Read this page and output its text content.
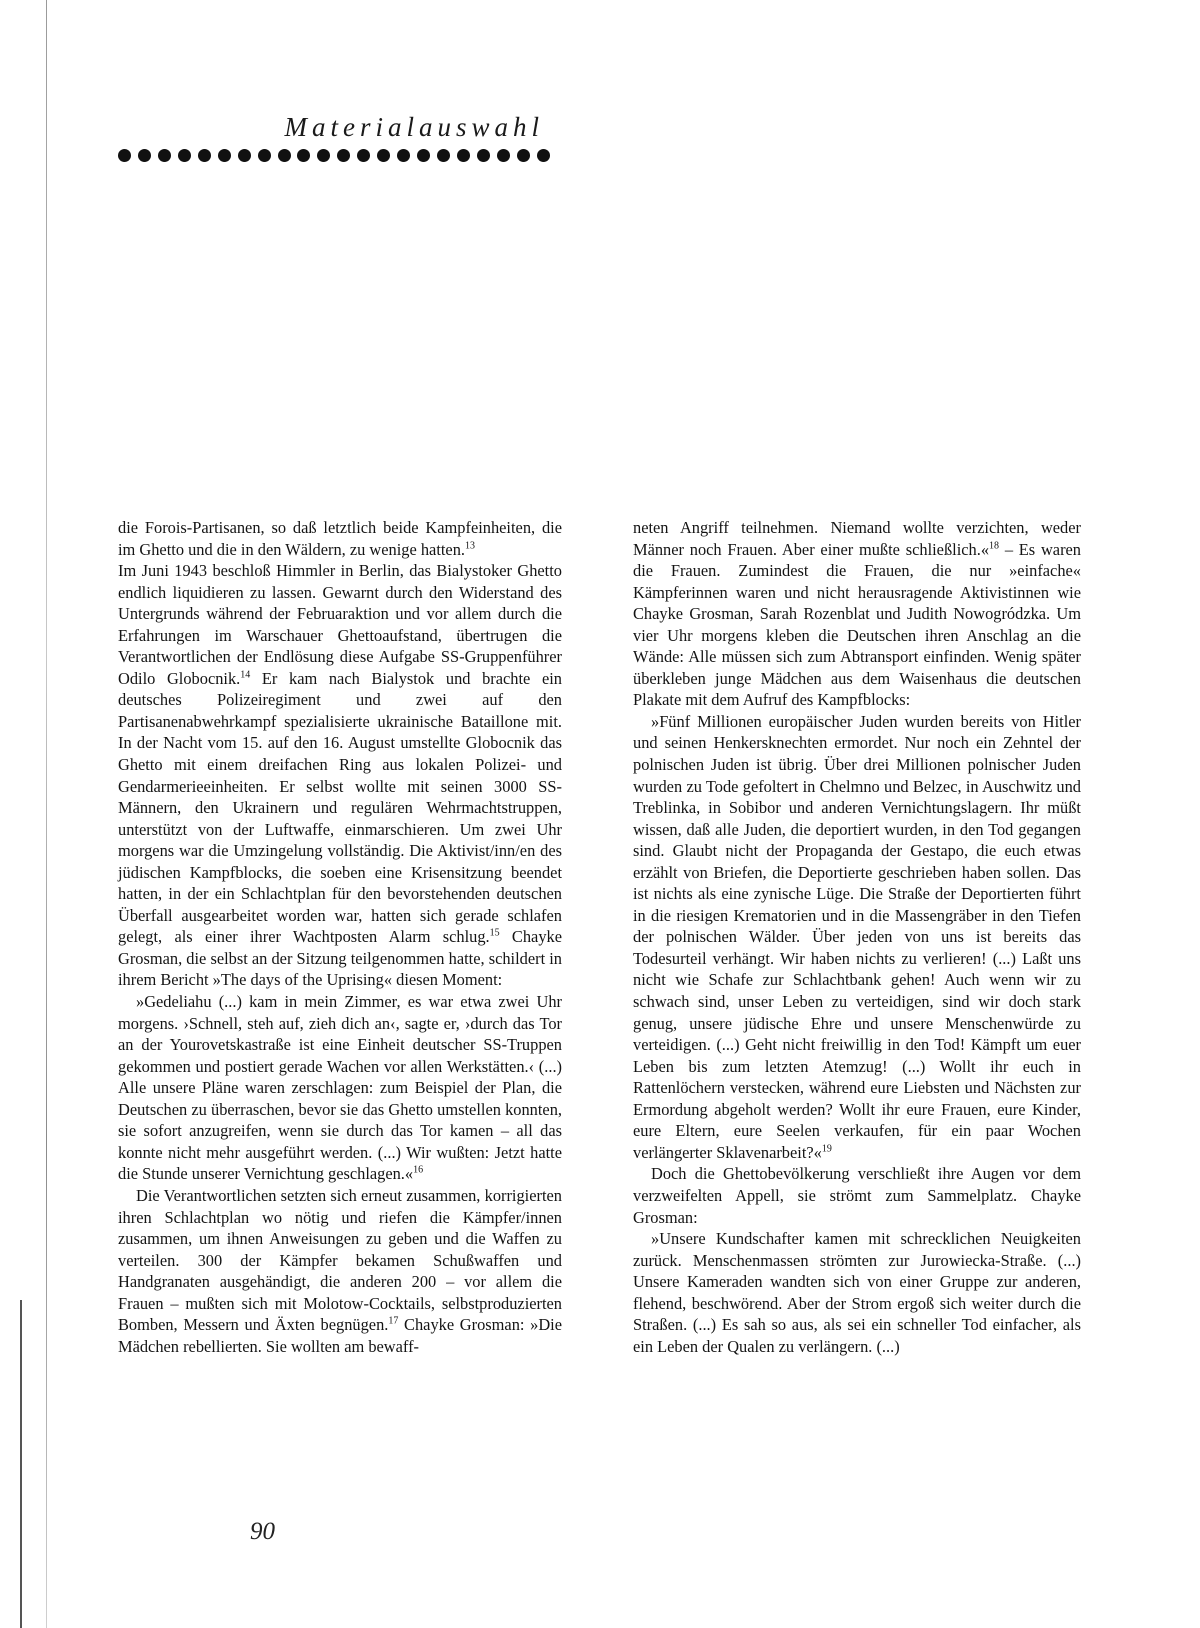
Materialauswahl

die Forois-Partisanen, so daß letztlich beide Kampfeinheiten, die im Ghetto und die in den Wäldern, zu wenige hatten.$^{13}$

Im Juni 1943 beschloß Himmler in Berlin, das Bialystoker Ghetto endlich liquidieren zu lassen. Gewarnt durch den Widerstand des Untergrunds während der Februaraktion und vor allem durch die Erfahrungen im Warschauer Ghettoaufstand, übertrugen die Verantwortlichen der Endlösung diese Aufgabe SS-Gruppenführer Odilo Globocnik.$^{14}$ Er kam nach Bialystok und brachte ein deutsches Polizeiregiment und zwei auf den Partisanenabwehrkampf spezialisierte ukrainische Bataillone mit. In der Nacht vom 15. auf den 16. August umstellte Globocnik das Ghetto mit einem dreifachen Ring aus lokalen Polizei- und Gendarmerieeinheiten. Er selbst wollte mit seinen 3000 SS-Männern, den Ukrainern und regulären Wehrmachtstruppen, unterstützt von der Luftwaffe, einmarschieren. Um zwei Uhr morgens war die Umzingelung vollständig. Die Aktivist/inn/en des jüdischen Kampfblocks, die soeben eine Krisensitzung beendet hatten, in der ein Schlachtplan für den bevorstehenden deutschen Überfall ausgearbeitet worden war, hatten sich gerade schlafen gelegt, als einer ihrer Wachtposten Alarm schlug.

$^{15}$ Chayke Grosman, die selbst an der Sitzung teilgenommen hatte, schildert in ihrem Bericht »The days of the Uprising« diesen Moment:

»Gedeliahu (...) kam in mein Zimmer, es war etwa zwei Uhr morgens. ›Schnell, steh auf, zieh dich an‹, sagte er, ›durch das Tor an der Yourovetskastraße ist eine Einheit deutscher SS-Truppen gekommen und postiert gerade Wachen vor allen Werkstätten.‹ (...) Alle unsere Pläne waren zerschlagen: zum Beispiel der Plan, die Deutschen zu überraschen, bevor sie das Ghetto umstellen konnten, sie sofort anzugreifen, wenn sie durch das Tor kamen – all das konnte nicht mehr ausgeführt werden. (...) Wir wußten: Jetzt hatte die Stunde unserer Vernichtung geschlagen.«$^{16}$

Die Verantwortlichen setzten sich erneut zusammen, korrigierten ihren Schlachtplan wo nötig und riefen die Kämpfer/innen zusammen, um ihnen Anweisungen zu geben und die Waffen zu verteilen. 300 der Kämpfer bekamen Schußwaffen und Handgranaten ausgehändigt, die anderen 200 – vor allem die Frauen – mußten sich mit Molotow-Cocktails, selbstproduzierten Bomben, Messern und Äxten begnügen.$^{17}$ Chayke Grosman: »Die Mädchen rebellierten. Sie wollten am bewaff-

neten Angriff teilnehmen. Niemand wollte verzichten, weder Männer noch Frauen. Aber einer mußte schließlich.«$^{18}$ – Es waren die Frauen. Zumindest die Frauen, die nur »einfache« Kämpferinnen waren und nicht herausragende Aktivistinnen wie Chayke Grosman, Sarah Rozenblat und Judith Nowogródzka. Um vier Uhr morgens kleben die Deutschen ihren Anschlag an die Wände: Alle müssen sich zum Abtransport einfinden. Wenig später überkleben junge Mädchen aus dem Waisenhaus die deutschen Plakate mit dem Aufruf des Kampfblocks:

»Fünf Millionen europäischer Juden wurden bereits von Hitler und seinen Henkersknechten ermordet. Nur noch ein Zehntel der polnischen Juden ist übrig. Über drei Millionen polnischer Juden wurden zu Tode gefoltert in Chelmno und Belzec, in Auschwitz und Treblinka, in Sobibor und anderen Vernichtungslagern. Ihr müßt wissen, daß alle Juden, die deportiert wurden, in den Tod gegangen sind. Glaubt nicht der Propaganda der Gestapo, die euch etwas erzählt von Briefen, die Deportierte geschrieben haben sollen. Das ist nichts als eine zynische Lüge. Die Straße der Deportierten führt in die riesigen Krematorien und in die Massengräber in den Tiefen der polnischen Wälder. Über jeden von uns ist bereits das Todesurteil verhängt. Wir haben nichts zu verlieren! (...) Laßt uns nicht wie Schafe zur Schlachtbank gehen! Auch wenn wir zu schwach sind, unser Leben zu verteidigen, sind wir doch stark genug, unsere jüdische Ehre und unsere Menschenwürde zu verteidigen. (...) Geht nicht freiwillig in den Tod! Kämpft um euer Leben bis zum letzten Atemzug! (...) Wollt ihr euch in Rattenlöchern verstecken, während eure Liebsten und Nächsten zur Ermordung abgeholt werden? Wollt ihr eure Frauen, eure Kinder, eure Eltern, eure Seelen verkaufen, für ein paar Wochen verlängerter Sklavenarbeit?«$^{19}$

Doch die Ghettobevölkerung verschließt ihre Augen vor dem verzweifelten Appell, sie strömt zum Sammelplatz. Chayke Grosman:

»Unsere Kundschafter kamen mit schrecklichen Neuigkeiten zurück. Menschenmassen strömten zur Jurowiecka-Straße. (...) Unsere Kameraden wandten sich von einer Gruppe zur anderen, flehend, beschwörend. Aber der Strom ergoß sich weiter durch die Straßen. (...) Es sah so aus, als sei ein schneller Tod einfacher, als ein Leben der Qualen zu verlängern. (...)

90
